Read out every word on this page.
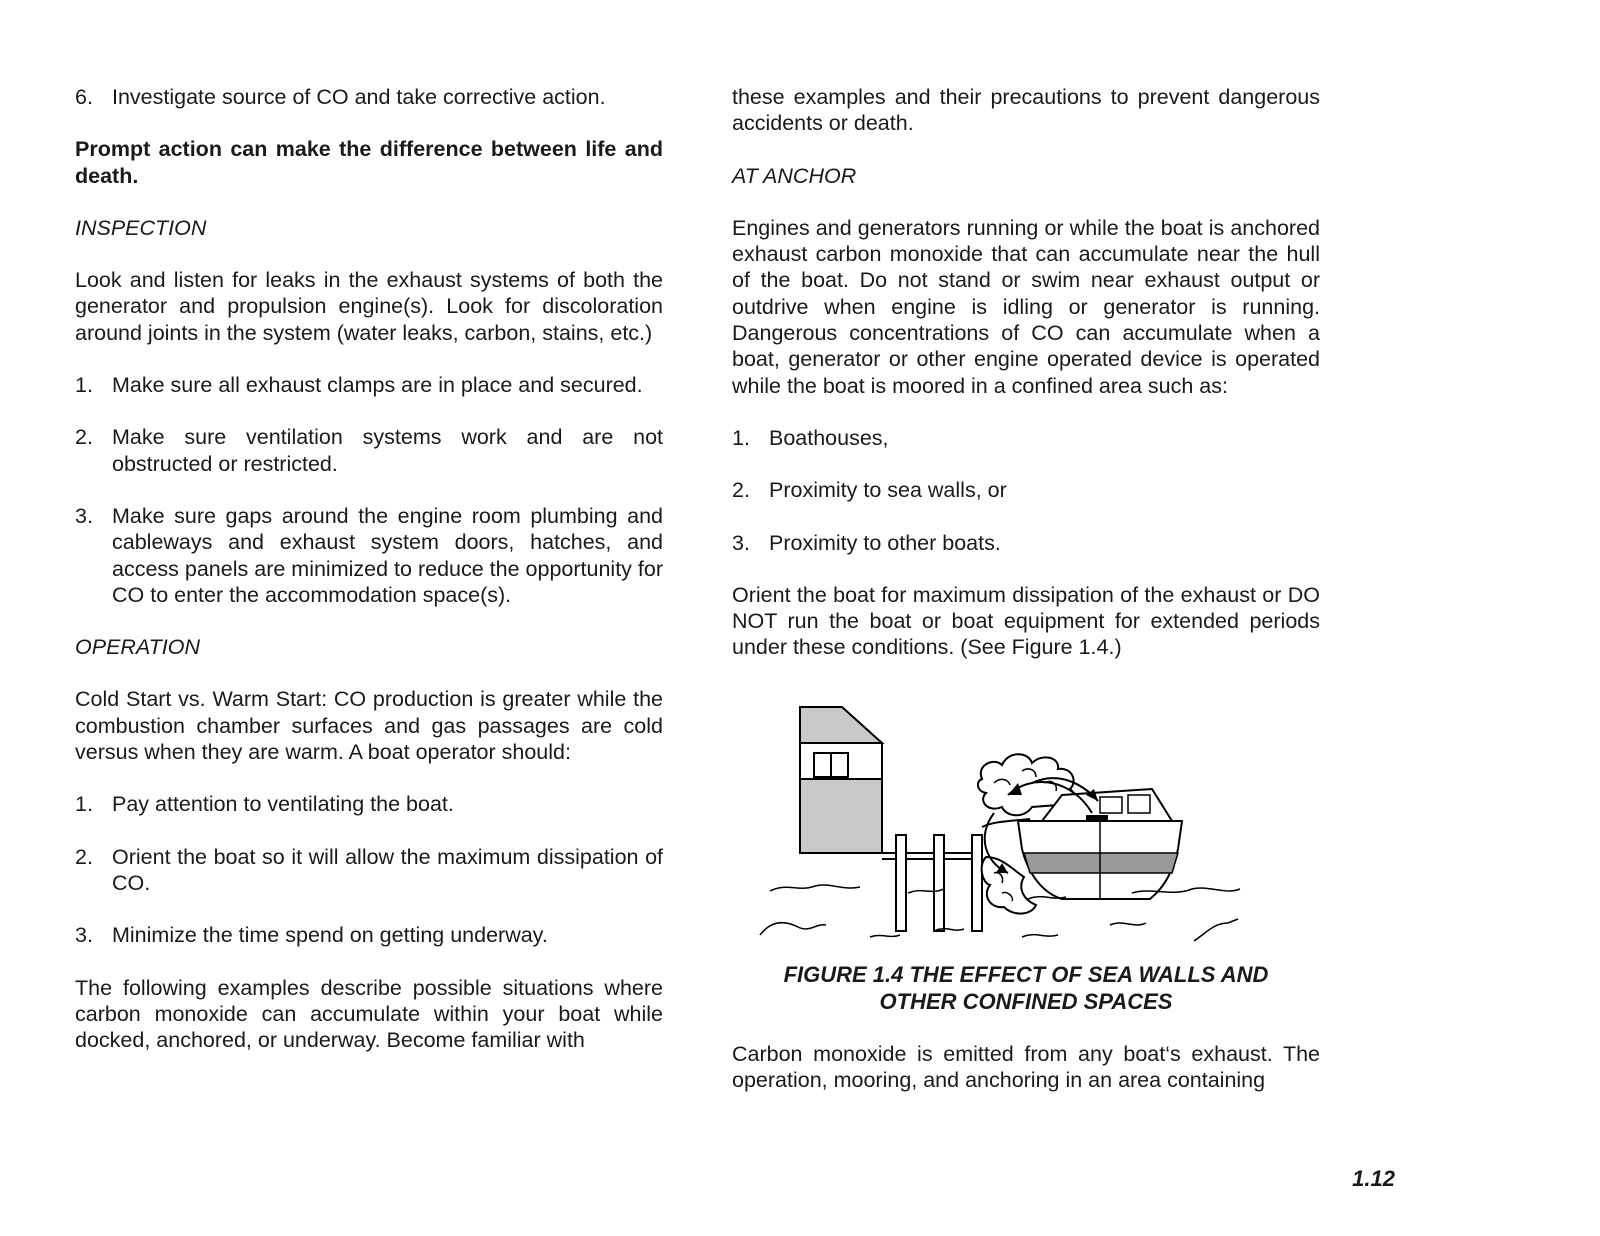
6. Investigate source of CO and take corrective action.

Prompt action can make the difference between life and death.

INSPECTION

Look and listen for leaks in the exhaust systems of both the generator and propulsion engine(s). Look for discoloration around joints in the system (water leaks, carbon, stains, etc.)

1. Make sure all exhaust clamps are in place and secured.
2. Make sure ventilation systems work and are not obstructed or restricted.
3. Make sure gaps around the engine room plumbing and cableways and exhaust system doors, hatches, and access panels are minimized to reduce the opportunity for CO to enter the accommodation space(s).

OPERATION

Cold Start vs. Warm Start: CO production is greater while the combustion chamber surfaces and gas passages are cold versus when they are warm. A boat operator should:

1. Pay attention to ventilating the boat.
2. Orient the boat so it will allow the maximum dissipation of CO.
3. Minimize the time spend on getting underway.

The following examples describe possible situations where carbon monoxide can accumulate within your boat while docked, anchored, or underway. Become familiar with

these examples and their precautions to prevent dangerous accidents or death.

AT ANCHOR

Engines and generators running or while the boat is anchored exhaust carbon monoxide that can accumulate near the hull of the boat. Do not stand or swim near exhaust output or outdrive when engine is idling or generator is running. Dangerous concentrations of CO can accumulate when a boat, generator or other engine operated device is operated while the boat is moored in a confined area such as:

1. Boathouses,
2. Proximity to sea walls, or
3. Proximity to other boats.

Orient the boat for maximum dissipation of the exhaust or DO NOT run the boat or boat equipment for extended periods under these conditions. (See Figure 1.4.)

FIGURE 1.4 THE EFFECT OF SEA WALLS AND
OTHER CONFINED SPACES

Carbon monoxide is emitted from any boat‘s exhaust. The operation, mooring, and anchoring in an area containing

1.12
